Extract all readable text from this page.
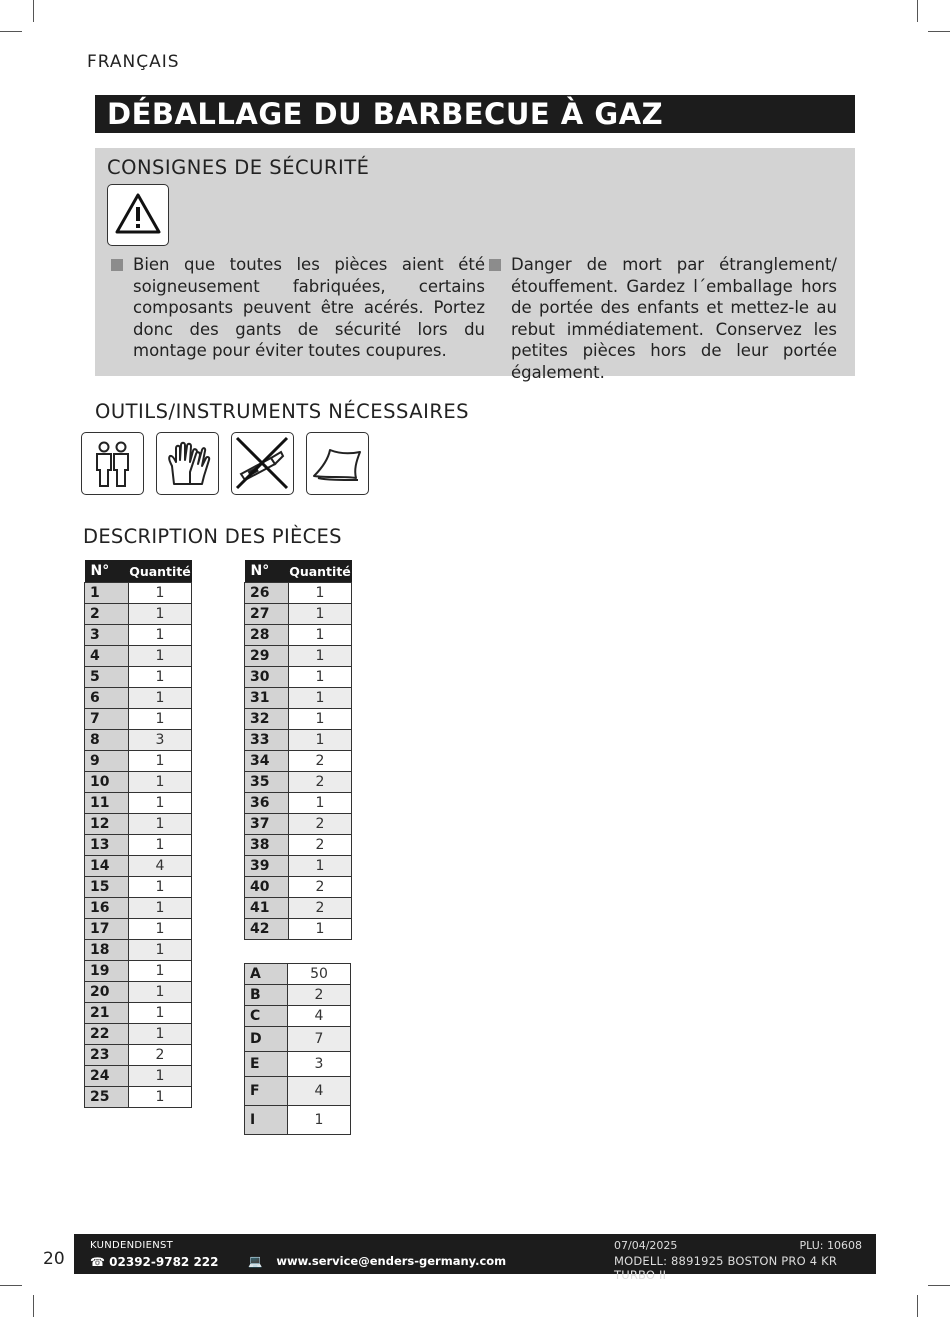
FRANÇAIS
DÉBALLAGE DU BARBECUE À GAZ
CONSIGNES DE SÉCURITÉ
Bien que toutes les pièces aient été soigneusement fabriquées, certains composants peuvent être acérés. Portez donc des gants de sécurité lors du montage pour éviter toutes coupures.
Danger de mort par étranglement/ étouffement. Gardez l´emballage hors de portée des enfants et mettez-le au rebut immédiatement. Conservez les petites pièces hors de leur portée également.
OUTILS/INSTRUMENTS NÉCESSAIRES
DESCRIPTION DES PIÈCES
N°	Quantité
1	1
2	1
3	1
4	1
5	1
6	1
7	1
8	3
9	1
10	1
11	1
12	1
13	1
14	4
15	1
16	1
17	1
18	1
19	1
20	1
21	1
22	1
23	2
24	1
25	1
N°	Quantité
26	1
27	1
28	1
29	1
30	1
31	1
32	1
33	1
34	2
35	2
36	1
37	2
38	2
39	1
40	2
41	2
42	1
A	50
B	2
C	4
D	7
E	3
F	4
I	1
KUNDENDIENST
☎ 02392-9782 222	💻 www.service@enders-germany.com
07/04/2025	PLU: 10608
MODELL: 8891925 BOSTON PRO 4 KR TURBO II
20
